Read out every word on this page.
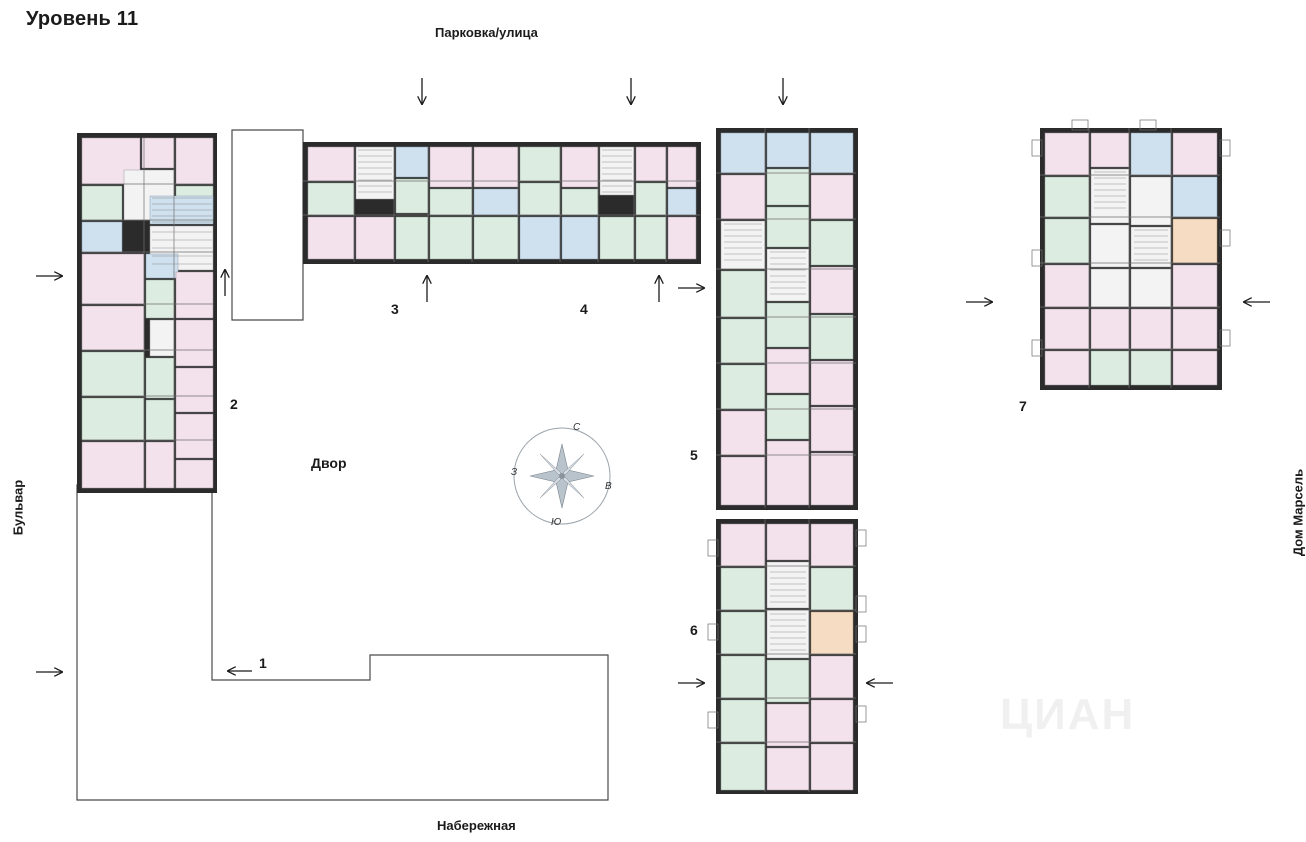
Уровень 11
Парковка/улица
Набережная
Бульвар	Дом Марсель
Двор
С
Ю
З
В
1
2
3	4
5
6
7
ЦИАН
